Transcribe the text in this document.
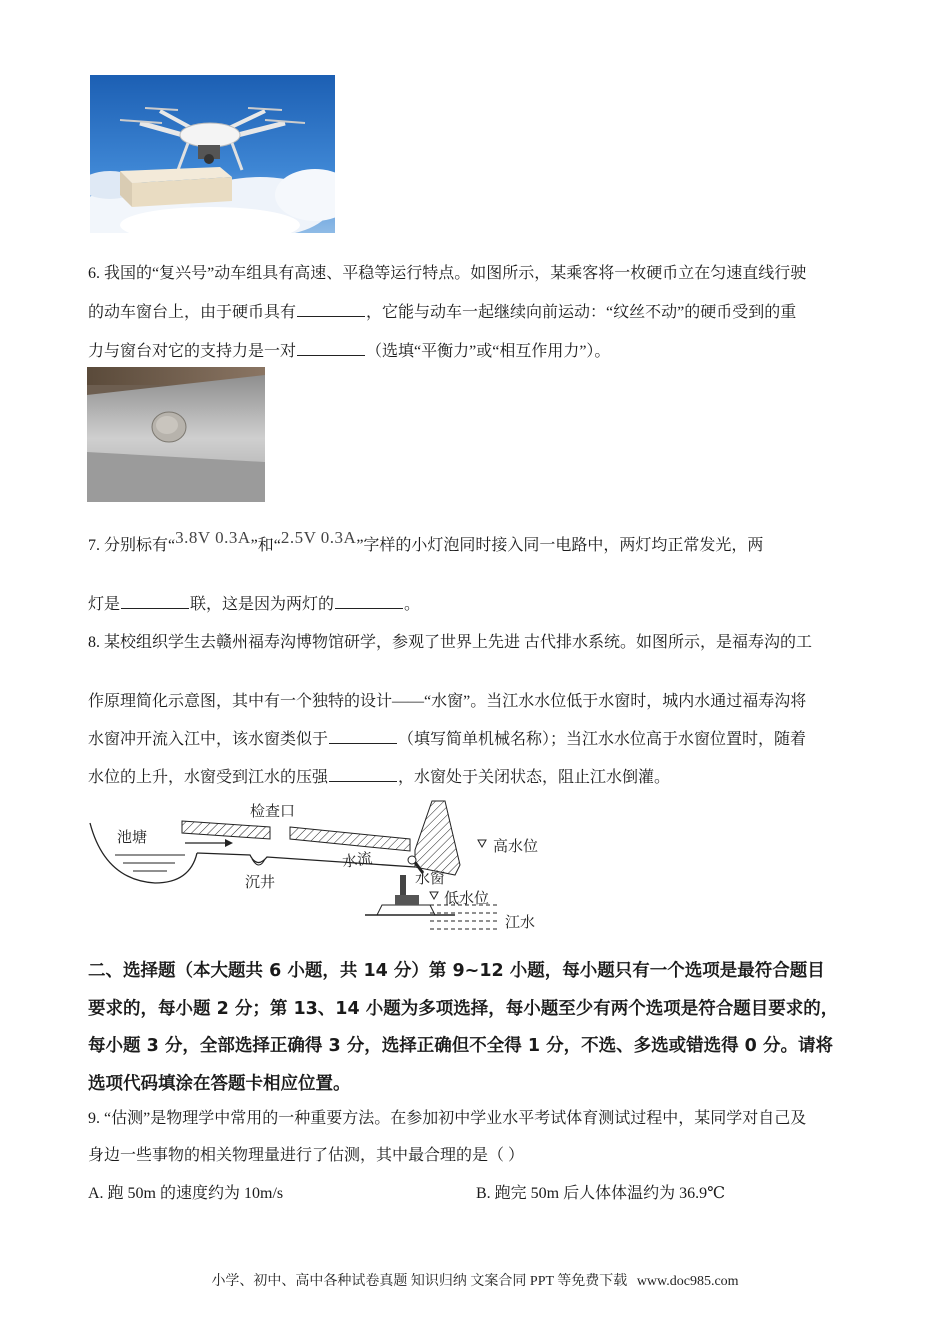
6. 我国的“复兴号”动车组具有高速、平稳等运行特点。如图所示，某乘客将一枚硬币立在匀速直线行驶
的动车窗台上，由于硬币具有	，它能与动车一起继续向前运动：“纹丝不动”的硬币受到的重
力与窗台对它的支持力是一对	（选填“平衡力”或“相互作用力”）。
7. 分别标有“3.8V 0.3A”和“2.5V 0.3A”字样的小灯泡同时接入同一电路中，两灯均正常发光，两
灯是	联，这是因为两灯的	。
8. 某校组织学生去赣州福寿沟博物馆研学，参观了世界上先进 古代排水系统。如图所示，是福寿沟的工
作原理简化示意图，其中有一个独特的设计——“水窗”。当江水水位低于水窗时，城内水通过福寿沟将
水窗冲开流入江中，该水窗类似于	（填写简单机械名称）；当江水水位高于水窗位置时，随着
水位的上升，水窗受到江水的压强	，水窗处于关闭状态，阻止江水倒灌。
池塘
沉井
检查口
水流
水窗
高水位
低水位
江水
二、选择题（本大题共 6 小题，共 14 分）第 9~12 小题，每小题只有一个选项是最符合题目
要求的，每小题 2 分；第 13、14 小题为多项选择，每小题至少有两个选项是符合题目要求的，
每小题 3 分，全部选择正确得 3 分，选择正确但不全得 1 分，不选、多选或错选得 0 分。请将
选项代码填涂在答题卡相应位置。
9. “估测”是物理学中常用的一种重要方法。在参加初中学业水平考试体育测试过程中，某同学对自己及
身边一些事物的相关物理量进行了估测，其中最合理的是（ ）
A. 跑 50m 的速度约为 10m/s	B. 跑完 50m 后人体体温约为 36.9℃
小学、初中、高中各种试卷真题 知识归纳 文案合同 PPT 等免费下载 www.doc985.com
